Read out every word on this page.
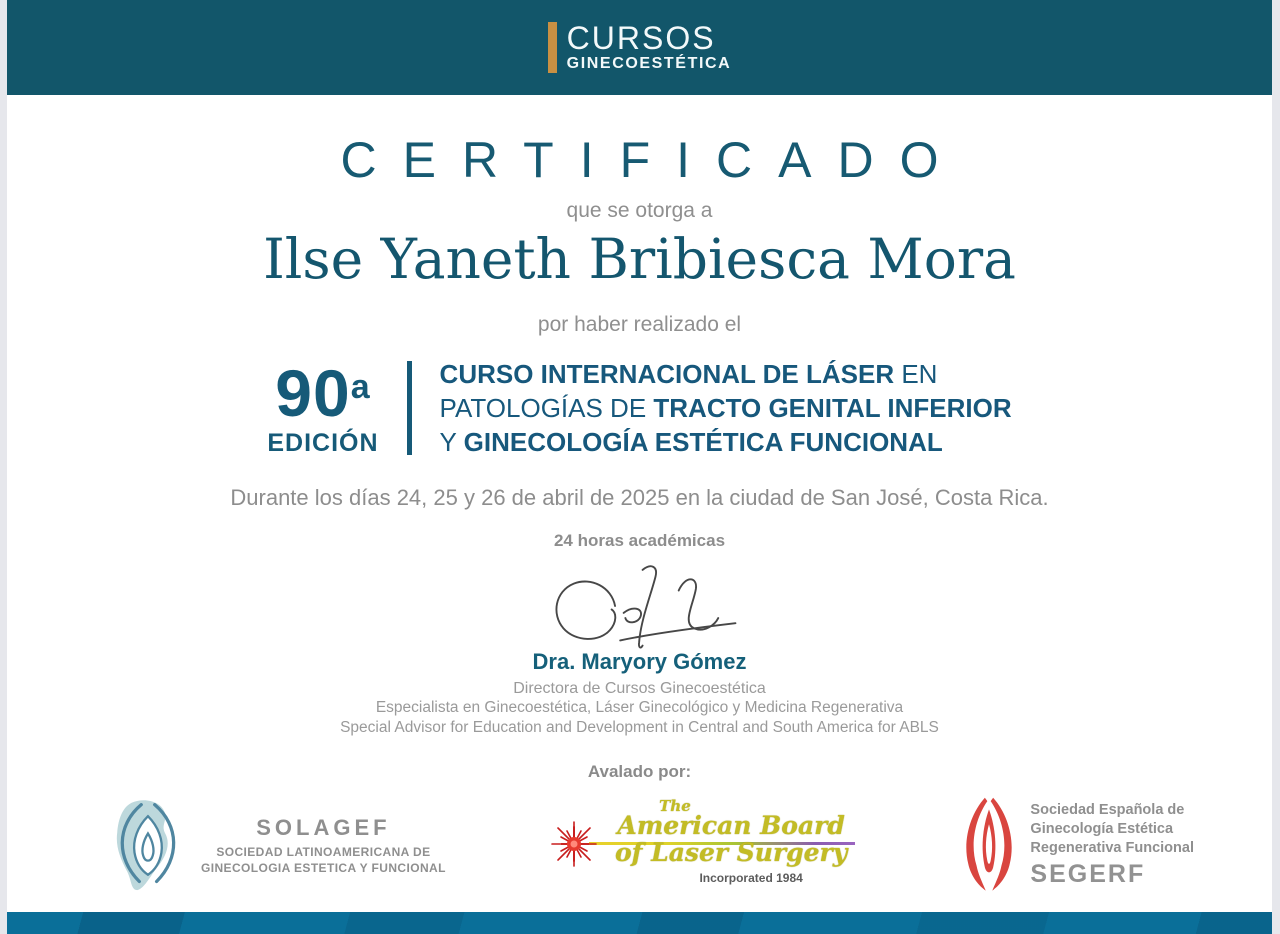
CURSOS
GINECOESTÉTICA
CERTIFICADO
que se otorga a
Ilse Yaneth Bribiesca Mora
por haber realizado el
90$^a$
EDICIÓN
CURSO INTERNACIONAL DE LÁSER EN
PATOLOGÍAS DE TRACTO GENITAL INFERIOR
Y GINECOLOGÍA ESTÉTICA FUNCIONAL
Durante los días 24, 25 y 26 de abril de 2025 en la ciudad de San José, Costa Rica.
24 horas académicas
Dra. Maryory Gómez
Directora de Cursos Ginecoestética
Especialista en Ginecoestética, Láser Ginecológico y Medicina Regenerativa
Special Advisor for Education and Development in Central and South America for ABLS
Avalado por:
SOLAGEF
SOCIEDAD LATINOAMERICANA DE
GINECOLOGIA ESTETICA Y FUNCIONAL
The
American Board
of Laser Surgery
Incorporated 1984
Sociedad Española de
Ginecología Estética
Regenerativa Funcional
SEGERF
